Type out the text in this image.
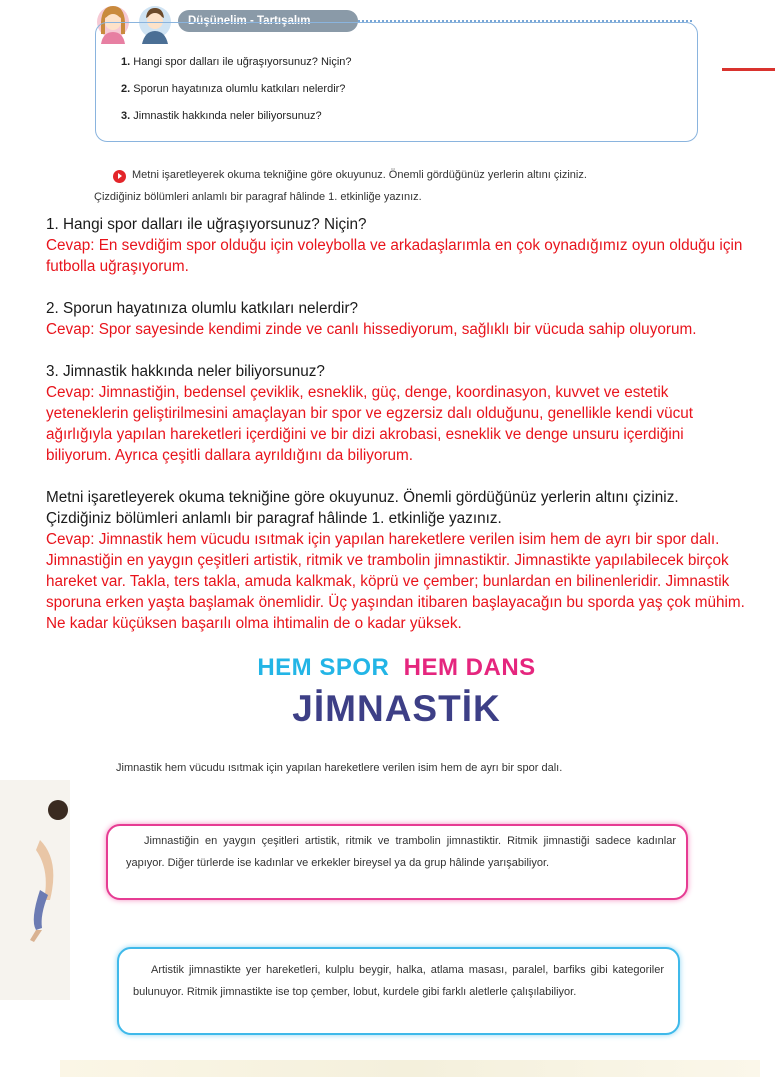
Düşünelim - Tartışalım
1. Hangi spor dalları ile uğraşıyorsunuz? Niçin?
2. Sporun hayatınıza olumlu katkıları nelerdir?
3. Jimnastik hakkında neler biliyorsunuz?
Metni işaretleyerek okuma tekniğine göre okuyunuz. Önemli gördüğünüz yerlerin altını çiziniz.
Çizdiğiniz bölümleri anlamlı bir paragraf hâlinde 1. etkinliğe yazınız.
1. Hangi spor dalları ile uğraşıyorsunuz? Niçin?
Cevap: En sevdiğim spor olduğu için voleybolla ve arkadaşlarımla en çok oynadığımız oyun olduğu için futbolla uğraşıyorum.
2. Sporun hayatınıza olumlu katkıları nelerdir?
Cevap: Spor sayesinde kendimi zinde ve canlı hissediyorum, sağlıklı bir vücuda sahip oluyorum.
3. Jimnastik hakkında neler biliyorsunuz?
Cevap: Jimnastiğin, bedensel çeviklik, esneklik, güç, denge, koordinasyon, kuvvet ve estetik yeteneklerin geliştirilmesini amaçlayan bir spor ve egzersiz dalı olduğunu, genellikle kendi vücut ağırlığıyla yapılan hareketleri içerdiğini ve bir dizi akrobasi, esneklik ve denge unsuru içerdiğini biliyorum. Ayrıca çeşitli dallara ayrıldığını da biliyorum.
Metni işaretleyerek okuma tekniğine göre okuyunuz. Önemli gördüğünüz yerlerin altını çiziniz. Çizdiğiniz bölümleri anlamlı bir paragraf hâlinde 1. etkinliğe yazınız.
Cevap: Jimnastik hem vücudu ısıtmak için yapılan hareketlere verilen isim hem de ayrı bir spor dalı. Jimnastiğin en yaygın çeşitleri artistik, ritmik ve trambolin jimnastiktir. Jimnastikte yapılabilecek birçok hareket var. Takla, ters takla, amuda kalkmak, köprü ve çember; bunlardan en bilinenleridir. Jimnastik sporuna erken yaşta başlamak önemlidir. Üç yaşından itibaren başlayacağın bu sporda yaş çok mühim. Ne kadar küçüksen başarılı olma ihtimalin de o kadar yüksek.
HEM SPOR HEM DANS
JİMNASTİK
Jimnastik hem vücudu ısıtmak için yapılan hareketlere verilen isim hem de ayrı bir spor dalı.
Jimnastiğin en yaygın çeşitleri artistik, ritmik ve trambolin jimnastiktir. Ritmik jimnastiği sadece kadınlar yapıyor. Diğer türlerde ise kadınlar ve erkekler bireysel ya da grup hâlinde yarışabiliyor.
Artistik jimnastikte yer hareketleri, kulplu beygir, halka, atlama masası, paralel, barfiks gibi kategoriler bulunuyor. Ritmik jimnastikte ise top çember, lobut, kurdele gibi farklı aletlerle çalışılabiliyor.
